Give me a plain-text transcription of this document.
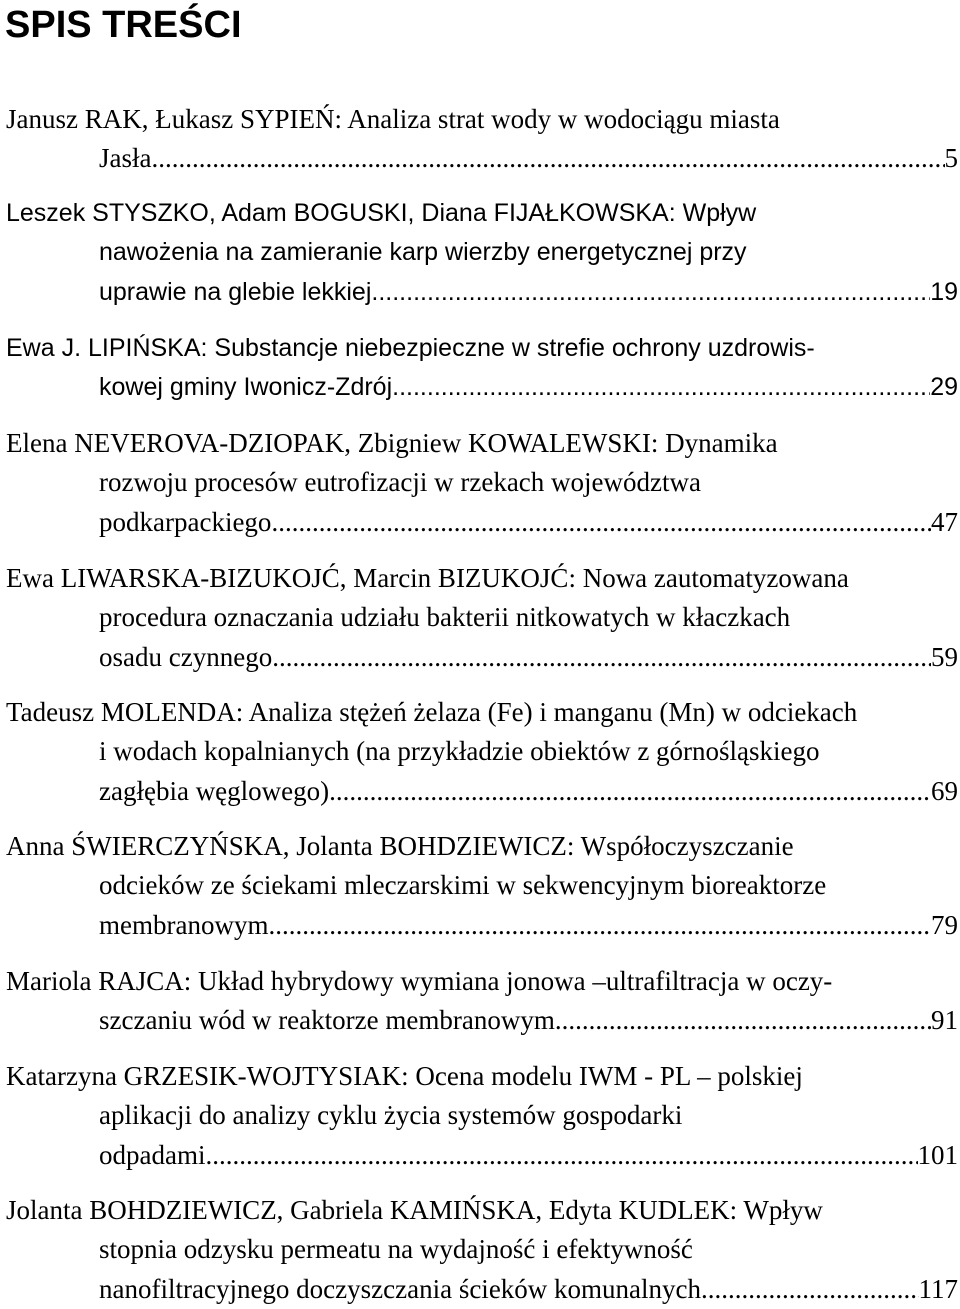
SPIS TREŚCI
Janusz RAK, Łukasz SYPIEŃ: Analiza strat wody w wodociągu miasta
Jasła .....	5
Leszek STYSZKO, Adam BOGUSKI, Diana FIJAŁKOWSKA: Wpływ
nawożenia na zamieranie karp wierzby energetycznej przy
uprawie na glebie lekkiej .....	19
Ewa J. LIPIŃSKA: Substancje niebezpieczne w strefie ochrony uzdrowis-
kowej gminy Iwonicz-Zdrój .....	29
Elena NEVEROVA-DZIOPAK, Zbigniew KOWALEWSKI: Dynamika
rozwoju procesów eutrofizacji w rzekach województwa
podkarpackiego .....	47
Ewa LIWARSKA-BIZUKOJĆ, Marcin BIZUKOJĆ: Nowa zautomatyzowana
procedura oznaczania udziału bakterii nitkowatych w kłaczkach
osadu czynnego .....	59
Tadeusz MOLENDA: Analiza stężeń żelaza (Fe) i manganu (Mn) w odciekach
i wodach kopalnianych (na przykładzie obiektów z górnośląskiego
zagłębia węglowego) .....	69
Anna ŚWIERCZYŃSKA, Jolanta BOHDZIEWICZ: Współoczyszczanie
odcieków ze ściekami mleczarskimi w sekwencyjnym bioreaktorze
membranowym .....	79
Mariola RAJCA: Układ hybrydowy wymiana jonowa –ultrafiltracja w oczy-
szczaniu wód w reaktorze membranowym .....	91
Katarzyna GRZESIK-WOJTYSIAK: Ocena modelu IWM - PL – polskiej
aplikacji do analizy cyklu życia systemów gospodarki
odpadami .....	101
Jolanta BOHDZIEWICZ, Gabriela KAMIŃSKA, Edyta KUDLEK: Wpływ
stopnia odzysku permeatu na wydajność i efektywność
nanofiltracyjnego doczyszczania ścieków komunalnych .....	117
